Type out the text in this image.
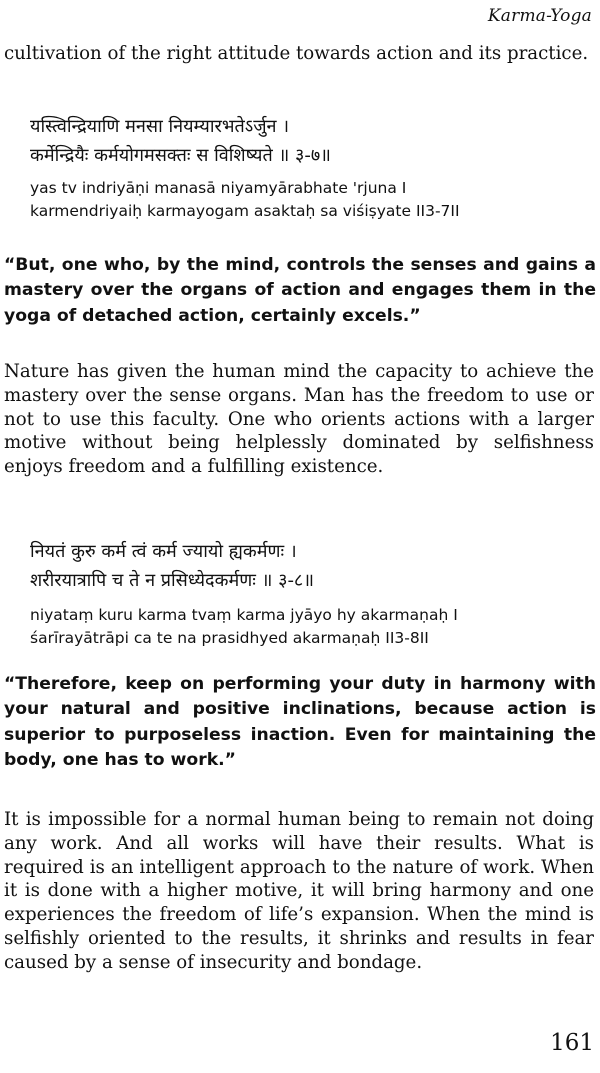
Karma-Yoga

cultivation of the right attitude towards action and its practice.

यस्त्विन्द्रियाणि मनसा नियम्यारभतेऽर्जुन ।
कर्मेन्द्रियैः कर्मयोगमसक्तः स विशिष्यते ॥ ३-७॥
yas tv indriyāṇi manasā niyamyārabhate 'rjuna I
karmendriyaiḥ karmayogam asaktaḥ sa viśiṣyate II3-7II

“But, one who, by the mind, controls the senses and gains a mastery over the organs of action and engages them in the yoga of detached action, certainly excels.”

Nature has given the human mind the capacity to achieve the mastery over the sense organs. Man has the freedom to use or not to use this faculty. One who orients actions with a larger motive without being helplessly dominated by selfishness enjoys freedom and a fulfilling existence.

नियतं कुरु कर्म त्वं कर्म ज्यायो ह्यकर्मणः ।
शरीरयात्रापि च ते न प्रसिध्येदकर्मणः ॥ ३-८॥
niyataṃ kuru karma tvaṃ karma jyāyo hy akarmaṇaḥ I
śarīrayātrāpi ca te na prasidhyed akarmaṇaḥ II3-8II

“Therefore, keep on performing your duty in harmony with your natural and positive inclinations, because action is superior to purposeless inaction. Even for maintaining the body, one has to work.”

It is impossible for a normal human being to remain not doing any work. And all works will have their results. What is required is an intelligent approach to the nature of work. When it is done with a higher motive, it will bring harmony and one experiences the freedom of life’s expansion. When the mind is selfishly oriented to the results, it shrinks and results in fear caused by a sense of insecurity and bondage.

161
